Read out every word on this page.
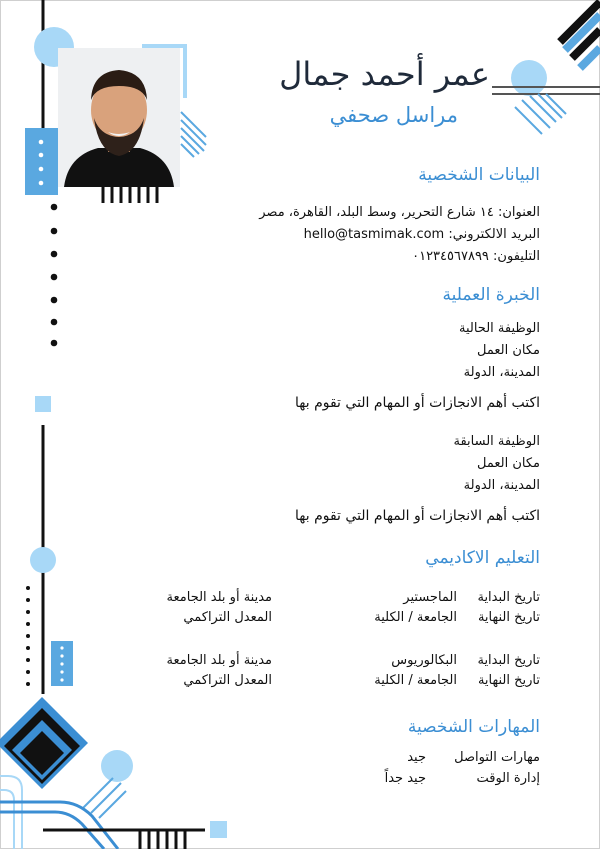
عمر أحمد جمال
مراسل صحفي
البيانات الشخصية
العنوان: ١٤ شارع التحرير، وسط البلد، القاهرة، مصر
البريد الالكتروني: hello@tasmimak.com
التليفون: ٠١٢٣٤٥٦٧٨٩٩
الخبرة العملية
الوظيفة الحالية
مكان العمل
المدينة، الدولة
اكتب أهم الانجازات أو المهام التي تقوم بها
الوظيفة السابقة
مكان العمل
المدينة، الدولة
اكتب أهم الانجازات أو المهام التي تقوم بها
التعليم الاكاديمي
تاريخ البداية
تاريخ النهاية
الماجستير
الجامعة / الكلية
مدينة أو بلد الجامعة
المعدل التراكمي
تاريخ البداية
تاريخ النهاية
البكالوريوس
الجامعة / الكلية
مدينة أو بلد الجامعة
المعدل التراكمي
المهارات الشخصية
مهارات التواصل
جيد
إدارة الوقت
جيد جداً
